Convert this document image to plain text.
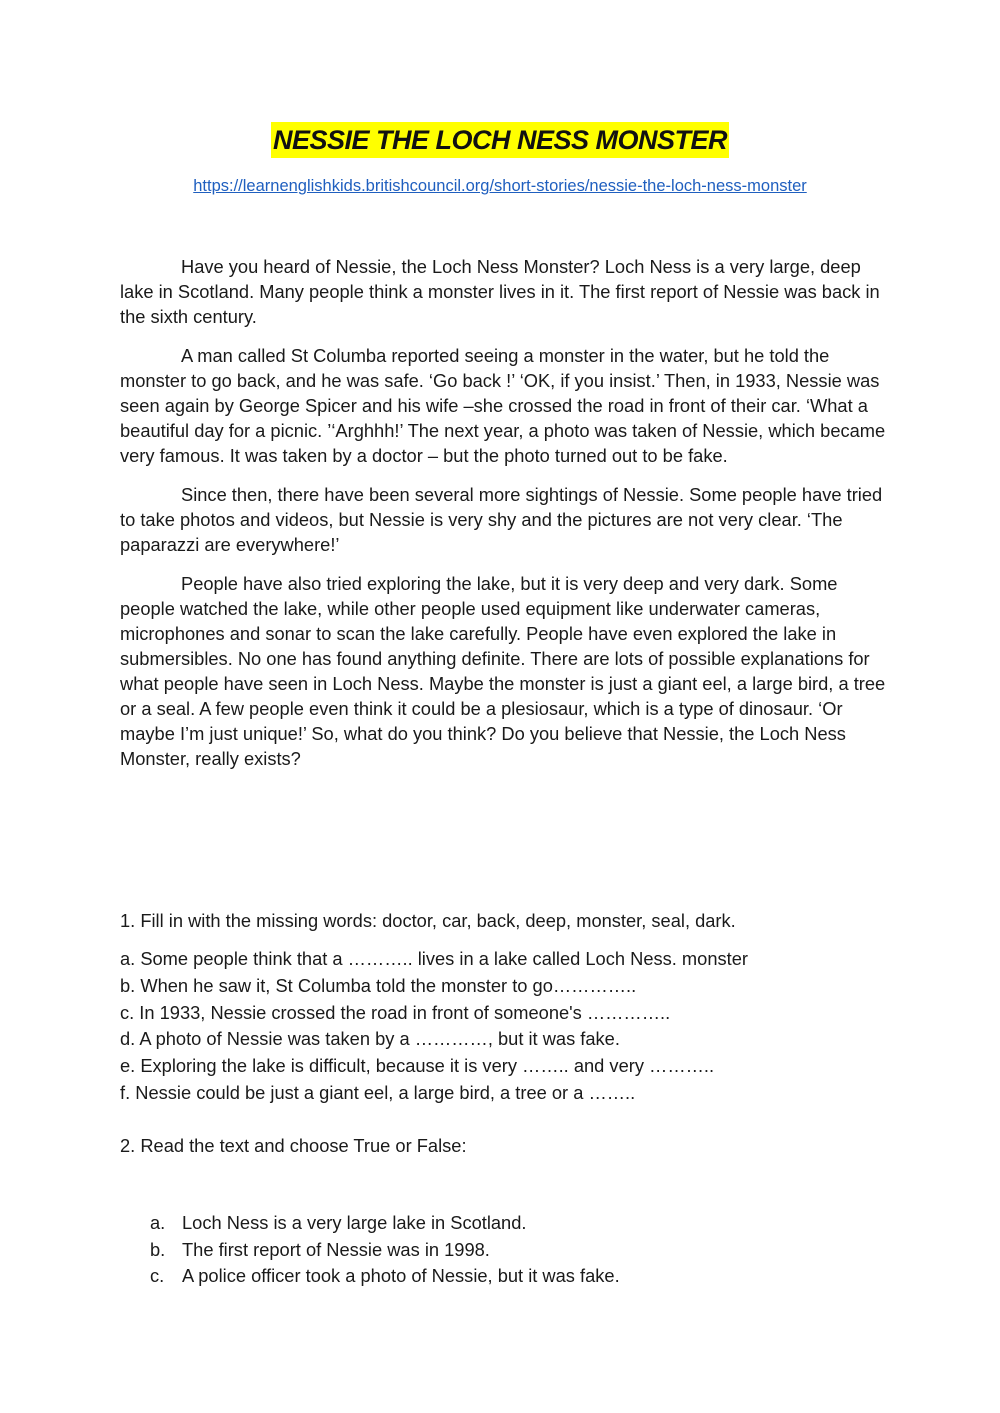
NESSIE THE LOCH NESS MONSTER
https://learnenglishkids.britishcouncil.org/short-stories/nessie-the-loch-ness-monster

Have you heard of Nessie, the Loch Ness Monster? Loch Ness is a very large, deep lake in Scotland. Many people think a monster lives in it. The first report of Nessie was back in the sixth century.

A man called St Columba reported seeing a monster in the water, but he told the monster to go back, and he was safe. ‘Go back !’ ‘OK, if you insist.’ Then, in 1933, Nessie was seen again by George Spicer and his wife –she crossed the road in front of their car. ‘What a beautiful day for a picnic. ’‘Arghhh!’ The next year, a photo was taken of Nessie, which became very famous. It was taken by a doctor – but the photo turned out to be fake.

Since then, there have been several more sightings of Nessie. Some people have tried to take photos and videos, but Nessie is very shy and the pictures are not very clear. ‘The paparazzi are everywhere!’

People have also tried exploring the lake, but it is very deep and very dark. Some people watched the lake, while other people used equipment like underwater cameras, microphones and sonar to scan the lake carefully. People have even explored the lake in submersibles. No one has found anything definite. There are lots of possible explanations for what people have seen in Loch Ness. Maybe the monster is just a giant eel, a large bird, a tree or a seal. A few people even think it could be a plesiosaur, which is a type of dinosaur. ‘Or maybe I’m just unique!’ So, what do you think? Do you believe that Nessie, the Loch Ness Monster, really exists?

1. Fill in with the missing words: doctor, car, back, deep, monster, seal, dark.

a. Some people think that a ……….. lives in a lake called Loch Ness. monster
b. When he saw it, St Columba told the monster to go…………..
c. In 1933, Nessie crossed the road in front of someone's …………..
d. A photo of Nessie was taken by a …………, but it was fake.
e. Exploring the lake is difficult, because it is very …….. and very ………..
f. Nessie could be just a giant eel, a large bird, a tree or a ……..

2. Read the text and choose True or False:

a. Loch Ness is a very large lake in Scotland.
b. The first report of Nessie was in 1998.
c. A police officer took a photo of Nessie, but it was fake.
